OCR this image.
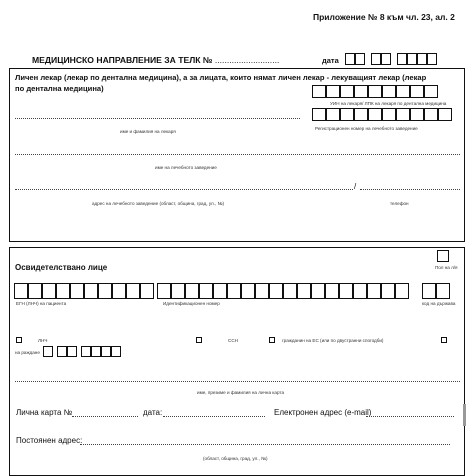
Приложение № 8 към чл. 23, ал. 2
МЕДИЦИНСКО НАПРАВЛЕНИЕ ЗА ТЕЛК № ...........................	дата
Личен лекар (лекар по дентална медицина), а за лицата, които нямат личен лекар - лекуващият лекар (лекар по дентална медицина)
УИН на лекаря/ ЛПК на лекаря по дентална медицина
име и фамилия на лекаря
Регистрационен номер на лечебното заведение
име на лечебното заведение
/
адрес на лечебното заведение (област, община, град, ул., №)	телефон
Освидетелствано лице	Пол на л/я
ЕГН (ЛНЧ) на пациента	Идентификационен номер	код на държава
ЛНЧ	ССН	гражданин на ЕС (или по двустранни спогодби)
на раждане
име, презиме и фамилия на лична карта
Лична карта №	дата:	Електронен адрес (e-mail)
Постоянен адрес:
(област, община, град, ул., №)
